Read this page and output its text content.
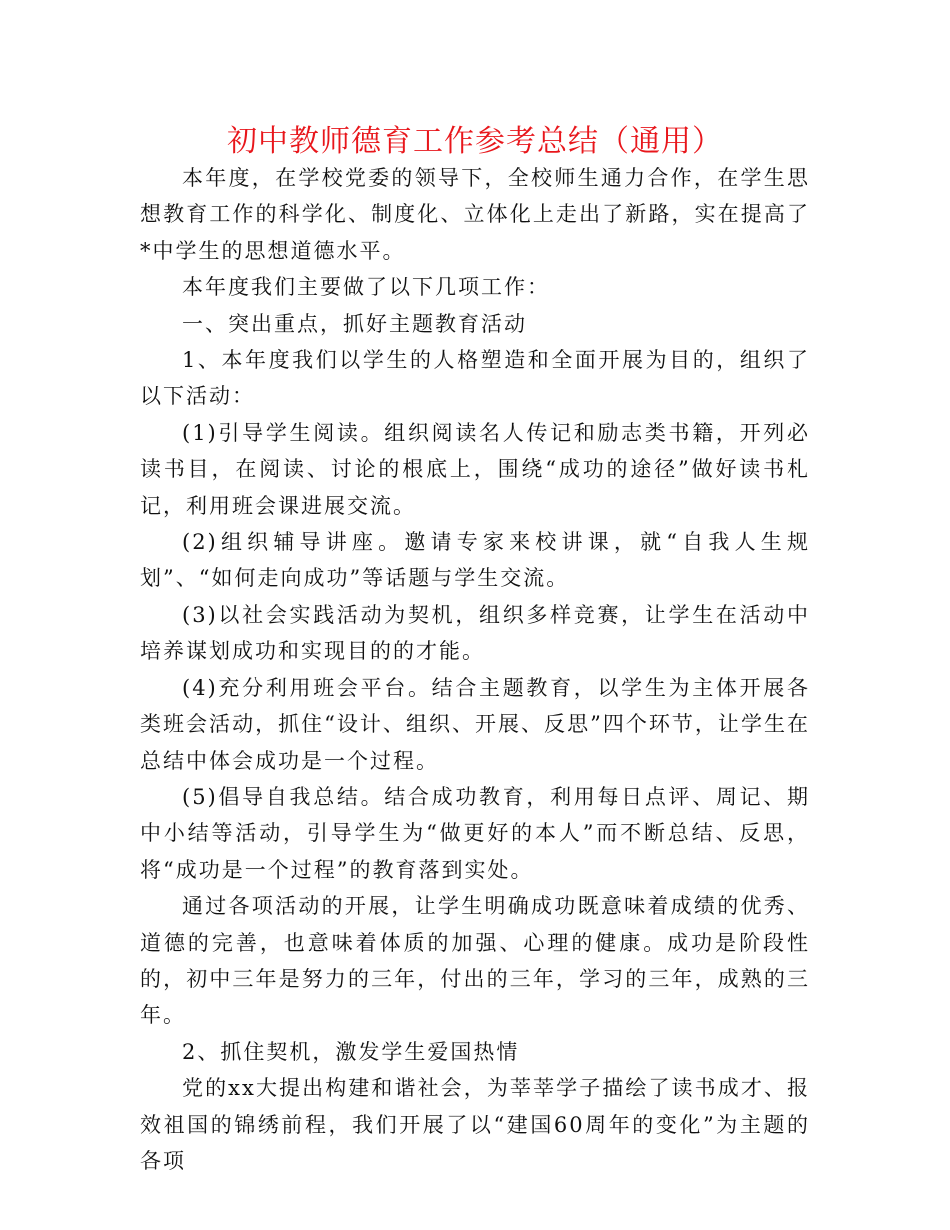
初中教师德育工作参考总结（通用）

本年度，在学校党委的领导下，全校师生通力合作，在学生思想教育工作的科学化、制度化、立体化上走出了新路，实在提高了*中学生的思想道德水平。

本年度我们主要做了以下几项工作：

一、突出重点，抓好主题教育活动

1、本年度我们以学生的人格塑造和全面开展为目的，组织了以下活动：

(1)引导学生阅读。组织阅读名人传记和励志类书籍，开列必读书目，在阅读、讨论的根底上，围绕“成功的途径”做好读书札记，利用班会课进展交流。

(2)组织辅导讲座。邀请专家来校讲课，就“自我人生规划”、“如何走向成功”等话题与学生交流。

(3)以社会实践活动为契机，组织多样竞赛，让学生在活动中培养谋划成功和实现目的的才能。

(4)充分利用班会平台。结合主题教育，以学生为主体开展各类班会活动，抓住“设计、组织、开展、反思”四个环节，让学生在总结中体会成功是一个过程。

(5)倡导自我总结。结合成功教育，利用每日点评、周记、期中小结等活动，引导学生为“做更好的本人”而不断总结、反思，将“成功是一个过程”的教育落到实处。

通过各项活动的开展，让学生明确成功既意味着成绩的优秀、道德的完善，也意味着体质的加强、心理的健康。成功是阶段性的，初中三年是努力的三年，付出的三年，学习的三年，成熟的三年。

2、抓住契机，激发学生爱国热情

党的xx大提出构建和谐社会，为莘莘学子描绘了读书成才、报效祖国的锦绣前程，我们开展了以“建国60周年的变化”为主题的各项
